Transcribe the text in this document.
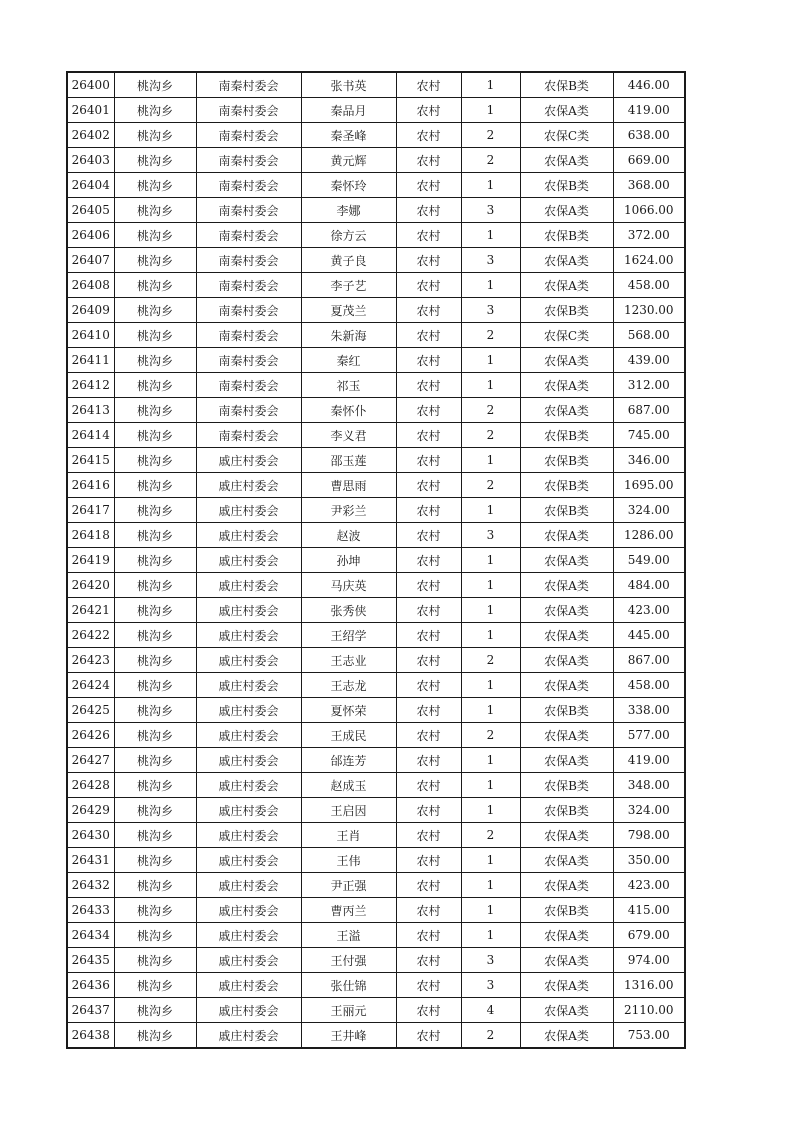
26400	桃沟乡	南秦村委会	张书英	农村	1	农保B类	446.00
26401	桃沟乡	南秦村委会	秦品月	农村	1	农保A类	419.00
26402	桃沟乡	南秦村委会	秦圣峰	农村	2	农保C类	638.00
26403	桃沟乡	南秦村委会	黄元辉	农村	2	农保A类	669.00
26404	桃沟乡	南秦村委会	秦怀玲	农村	1	农保B类	368.00
26405	桃沟乡	南秦村委会	李娜	农村	3	农保A类	1066.00
26406	桃沟乡	南秦村委会	徐方云	农村	1	农保B类	372.00
26407	桃沟乡	南秦村委会	黄子良	农村	3	农保A类	1624.00
26408	桃沟乡	南秦村委会	李子艺	农村	1	农保A类	458.00
26409	桃沟乡	南秦村委会	夏茂兰	农村	3	农保B类	1230.00
26410	桃沟乡	南秦村委会	朱新海	农村	2	农保C类	568.00
26411	桃沟乡	南秦村委会	秦红	农村	1	农保A类	439.00
26412	桃沟乡	南秦村委会	祁玉	农村	1	农保A类	312.00
26413	桃沟乡	南秦村委会	秦怀仆	农村	2	农保A类	687.00
26414	桃沟乡	南秦村委会	李义君	农村	2	农保B类	745.00
26415	桃沟乡	戚庄村委会	邵玉莲	农村	1	农保B类	346.00
26416	桃沟乡	戚庄村委会	曹思雨	农村	2	农保B类	1695.00
26417	桃沟乡	戚庄村委会	尹彩兰	农村	1	农保B类	324.00
26418	桃沟乡	戚庄村委会	赵波	农村	3	农保A类	1286.00
26419	桃沟乡	戚庄村委会	孙坤	农村	1	农保A类	549.00
26420	桃沟乡	戚庄村委会	马庆英	农村	1	农保A类	484.00
26421	桃沟乡	戚庄村委会	张秀侠	农村	1	农保A类	423.00
26422	桃沟乡	戚庄村委会	王绍学	农村	1	农保A类	445.00
26423	桃沟乡	戚庄村委会	王志业	农村	2	农保A类	867.00
26424	桃沟乡	戚庄村委会	王志龙	农村	1	农保A类	458.00
26425	桃沟乡	戚庄村委会	夏怀荣	农村	1	农保B类	338.00
26426	桃沟乡	戚庄村委会	王成民	农村	2	农保A类	577.00
26427	桃沟乡	戚庄村委会	邰连芳	农村	1	农保A类	419.00
26428	桃沟乡	戚庄村委会	赵成玉	农村	1	农保B类	348.00
26429	桃沟乡	戚庄村委会	王启因	农村	1	农保B类	324.00
26430	桃沟乡	戚庄村委会	王肖	农村	2	农保A类	798.00
26431	桃沟乡	戚庄村委会	王伟	农村	1	农保A类	350.00
26432	桃沟乡	戚庄村委会	尹正强	农村	1	农保A类	423.00
26433	桃沟乡	戚庄村委会	曹丙兰	农村	1	农保B类	415.00
26434	桃沟乡	戚庄村委会	王溢	农村	1	农保A类	679.00
26435	桃沟乡	戚庄村委会	王付强	农村	3	农保A类	974.00
26436	桃沟乡	戚庄村委会	张仕锦	农村	3	农保A类	1316.00
26437	桃沟乡	戚庄村委会	王丽元	农村	4	农保A类	2110.00
26438	桃沟乡	戚庄村委会	王井峰	农村	2	农保A类	753.00
